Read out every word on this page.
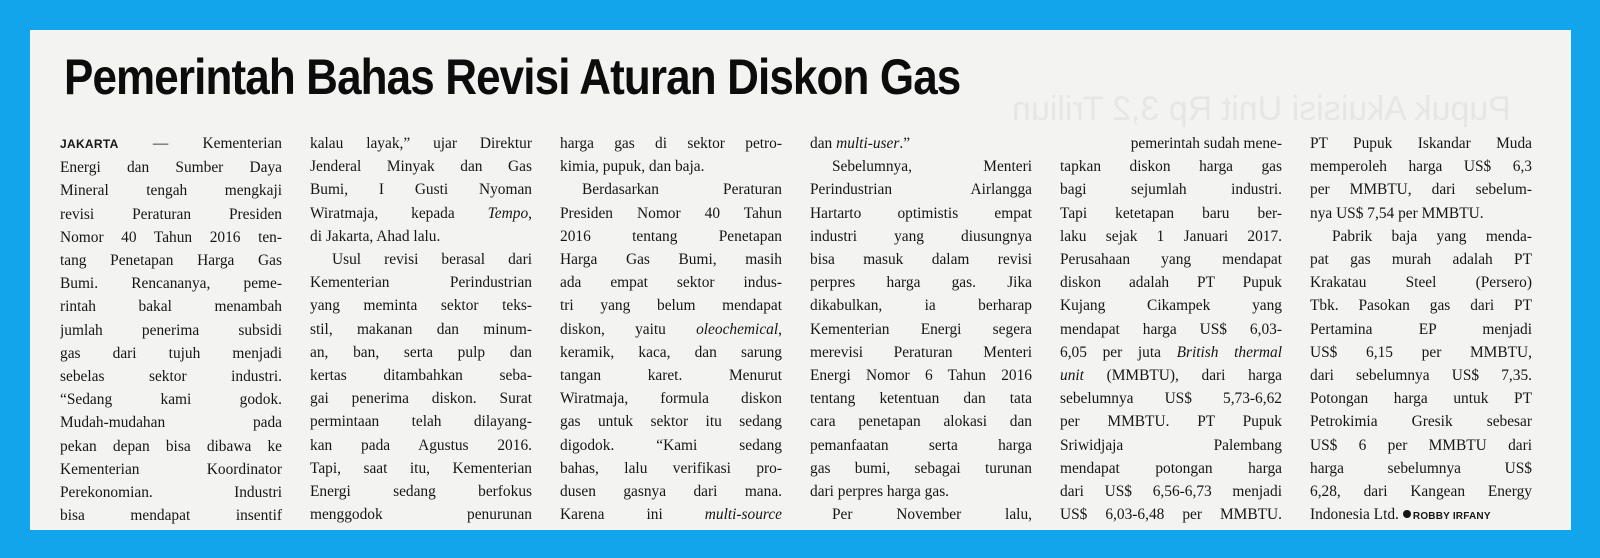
Pupuk Akuisisi Unit Rp 3,2 Triliun
Pemerintah Bahas Revisi Aturan Diskon Gas
JAKARTA — Kementerian
Energi dan Sumber Daya
Mineral tengah mengkaji
revisi Peraturan Presiden
Nomor 40 Tahun 2016 ten-
tang Penetapan Harga Gas
Bumi. Rencananya, peme-
rintah bakal menambah
jumlah penerima subsidi
gas dari tujuh menjadi
sebelas sektor industri.
“Sedang kami godok.
Mudah-mudahan pada
pekan depan bisa dibawa ke
Kementerian Koordinator
Perekonomian. Industri
bisa mendapat insentif
kalau layak,” ujar Direktur
Jenderal Minyak dan Gas
Bumi, I Gusti Nyoman
Wiratmaja, kepada Tempo,
di Jakarta, Ahad lalu.
Usul revisi berasal dari
Kementerian Perindustrian
yang meminta sektor teks-
stil, makanan dan minum-
an, ban, serta pulp dan
kertas ditambahkan seba-
gai penerima diskon. Surat
permintaan telah dilayang-
kan pada Agustus 2016.
Tapi, saat itu, Kementerian
Energi sedang berfokus
menggodok penurunan
harga gas di sektor petro-
kimia, pupuk, dan baja.
Berdasarkan Peraturan
Presiden Nomor 40 Tahun
2016 tentang Penetapan
Harga Gas Bumi, masih
ada empat sektor indus-
tri yang belum mendapat
diskon, yaitu oleochemical,
keramik, kaca, dan sarung
tangan karet. Menurut
Wiratmaja, formula diskon
gas untuk sektor itu sedang
digodok. “Kami sedang
bahas, lalu verifikasi pro-
dusen gasnya dari mana.
Karena ini multi-source
dan multi-user.”
Sebelumnya, Menteri
Perindustrian Airlangga
Hartarto optimistis empat
industri yang diusungnya
bisa masuk dalam revisi
perpres harga gas. Jika
dikabulkan, ia berharap
Kementerian Energi segera
merevisi Peraturan Menteri
Energi Nomor 6 Tahun 2016
tentang ketentuan dan tata
cara penetapan alokasi dan
pemanfaatan serta harga
gas bumi, sebagai turunan
dari perpres harga gas.
Per November lalu,
pemerintah sudah mene-
tapkan diskon harga gas
bagi sejumlah industri.
Tapi ketetapan baru ber-
laku sejak 1 Januari 2017.
Perusahaan yang mendapat
diskon adalah PT Pupuk
Kujang Cikampek yang
mendapat harga US$ 6,03-
6,05 per juta British thermal
unit (MMBTU), dari harga
sebelumnya US$ 5,73-6,62
per MMBTU. PT Pupuk
Sriwidjaja Palembang
mendapat potongan harga
dari US$ 6,56-6,73 menjadi
US$ 6,03-6,48 per MMBTU.
PT Pupuk Iskandar Muda
memperoleh harga US$ 6,3
per MMBTU, dari sebelum-
nya US$ 7,54 per MMBTU.
Pabrik baja yang menda-
pat gas murah adalah PT
Krakatau Steel (Persero)
Tbk. Pasokan gas dari PT
Pertamina EP menjadi
US$ 6,15 per MMBTU,
dari sebelumnya US$ 7,35.
Potongan harga untuk PT
Petrokimia Gresik sebesar
US$ 6 per MMBTU dari
harga sebelumnya US$
6,28, dari Kangean Energy
Indonesia Ltd. ROBBY IRFANY
